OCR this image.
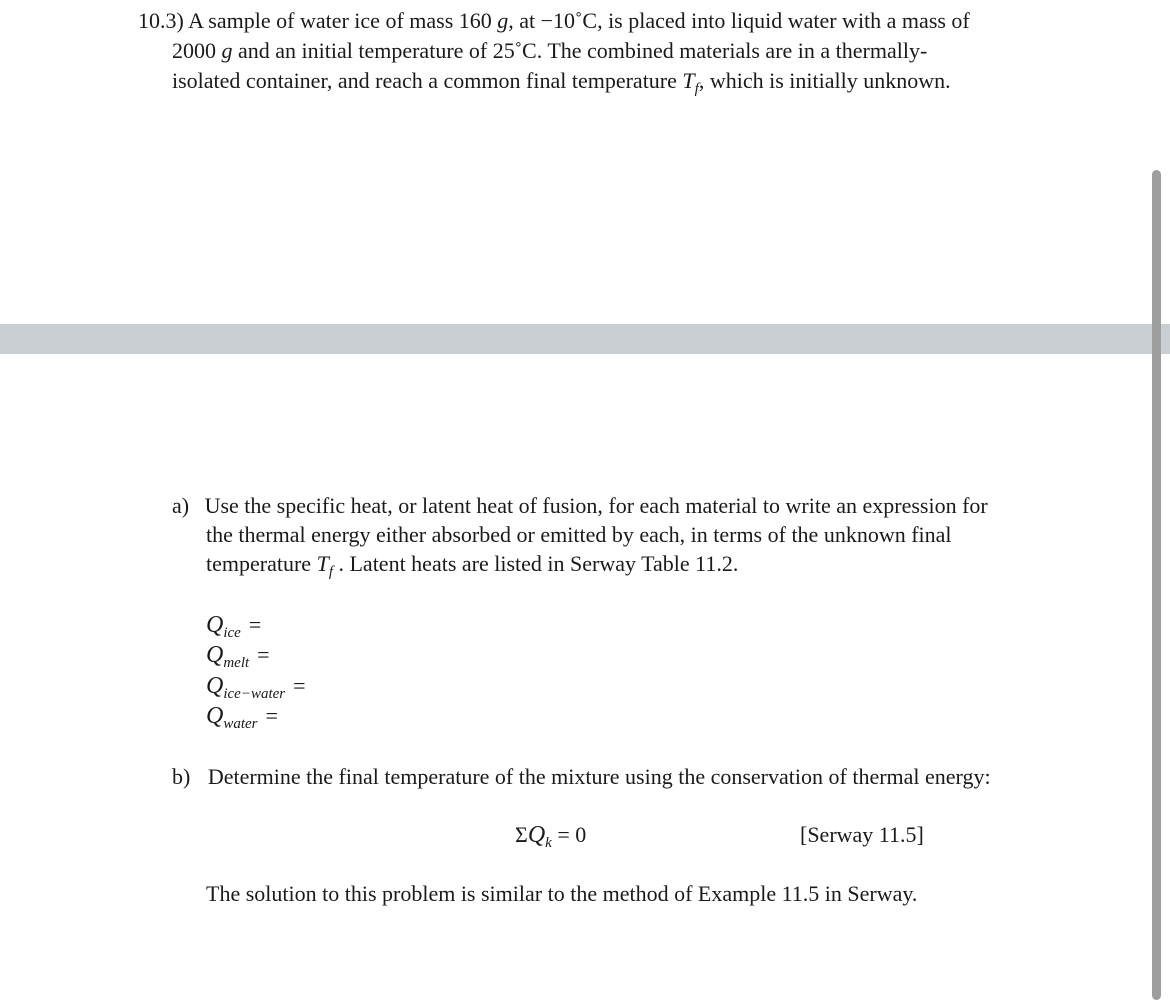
10.3) A sample of water ice of mass 160 g, at −10˚C, is placed into liquid water with a mass of
2000 g and an initial temperature of 25˚C. The combined materials are in a thermally-
isolated container, and reach a common final temperature $T_f$, which is initially unknown.
a) Use the specific heat, or latent heat of fusion, for each material to write an expression for
the thermal energy either absorbed or emitted by each, in terms of the unknown final
temperature $T_f$ . Latent heats are listed in Serway Table 11.2.
$Q_{ice}$ =
$Q_{melt}$ =
$Q_{ice-water}$ =
$Q_{water}$ =
b) Determine the final temperature of the mixture using the conservation of thermal energy:
$\Sigma Q_k = 0$	[Serway 11.5]
The solution to this problem is similar to the method of Example 11.5 in Serway.
